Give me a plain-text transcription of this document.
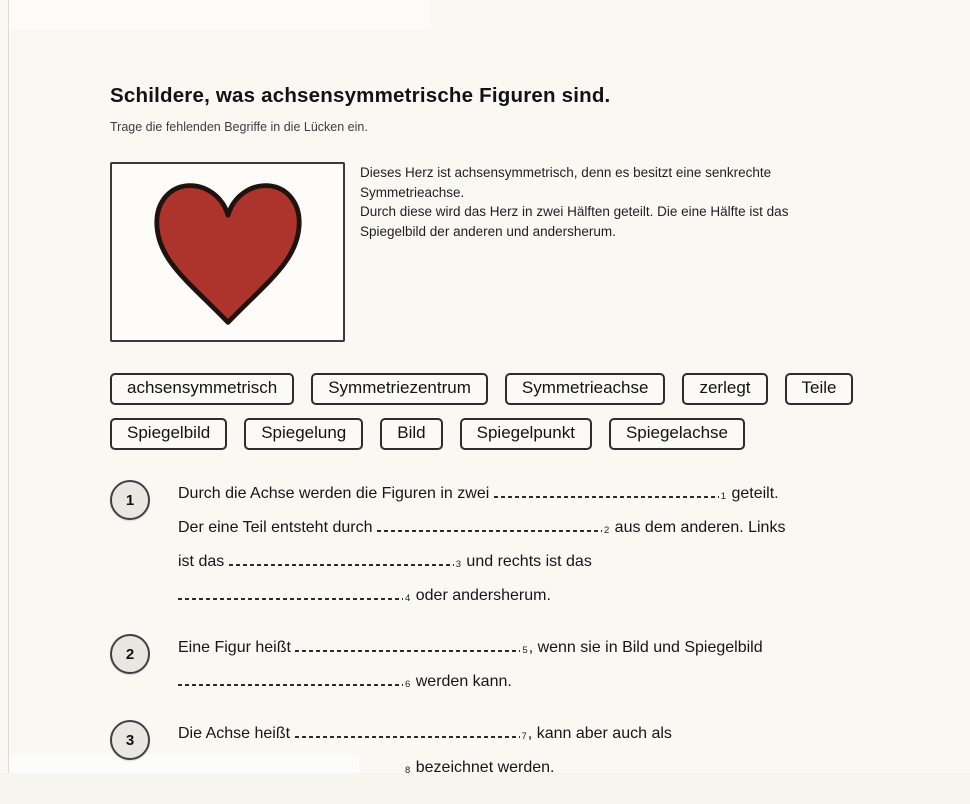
Schildere, was achsensymmetrische Figuren sind.
Trage die fehlenden Begriffe in die Lücken ein.
Dieses Herz ist achsensymmetrisch, denn es besitzt eine senkrechte
Symmetrieachse.
Durch diese wird das Herz in zwei Hälften geteilt. Die eine Hälfte ist das
Spiegelbild der anderen und andersherum.
achsensymmetrisch	Symmetriezentrum	Symmetrieachse	zerlegt	Teile
Spiegelbild	Spiegelung	Bild	Spiegelpunkt	Spiegelachse
1	Durch die Achse werden die Figuren in zwei	1 geteilt.
Der eine Teil entsteht durch	2 aus dem anderen. Links
ist das	3 und rechts ist das
4 oder andersherum.
2	Eine Figur heißt	5, wenn sie in Bild und Spiegelbild
6 werden kann.
3	Die Achse heißt	7, kann aber auch als
8 bezeichnet werden.
